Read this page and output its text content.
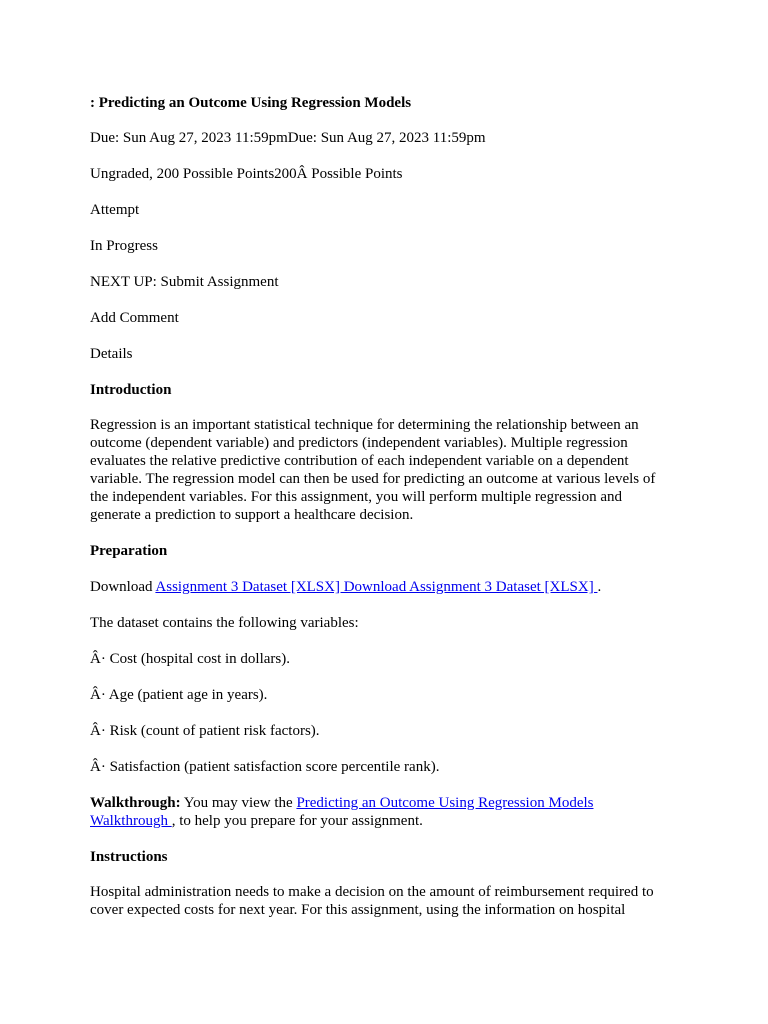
: Predicting an Outcome Using Regression Models
Due: Sun Aug 27, 2023 11:59pmDue: Sun Aug 27, 2023 11:59pm
Ungraded, 200 Possible Points200Â Possible Points
Attempt
In Progress
NEXT UP: Submit Assignment
Add Comment
Details
Introduction
Regression is an important statistical technique for determining the relationship between an outcome (dependent variable) and predictors (independent variables). Multiple regression evaluates the relative predictive contribution of each independent variable on a dependent variable. The regression model can then be used for predicting an outcome at various levels of the independent variables. For this assignment, you will perform multiple regression and generate a prediction to support a healthcare decision.
Preparation
Download Assignment 3 Dataset [XLSX] Download Assignment 3 Dataset [XLSX] .
The dataset contains the following variables:
Â· Cost (hospital cost in dollars).
Â· Age (patient age in years).
Â· Risk (count of patient risk factors).
Â· Satisfaction (patient satisfaction score percentile rank).
Walkthrough: You may view the Predicting an Outcome Using Regression Models
Walkthrough , to help you prepare for your assignment.
Instructions
Hospital administration needs to make a decision on the amount of reimbursement required to cover expected costs for next year. For this assignment, using the information on hospital
